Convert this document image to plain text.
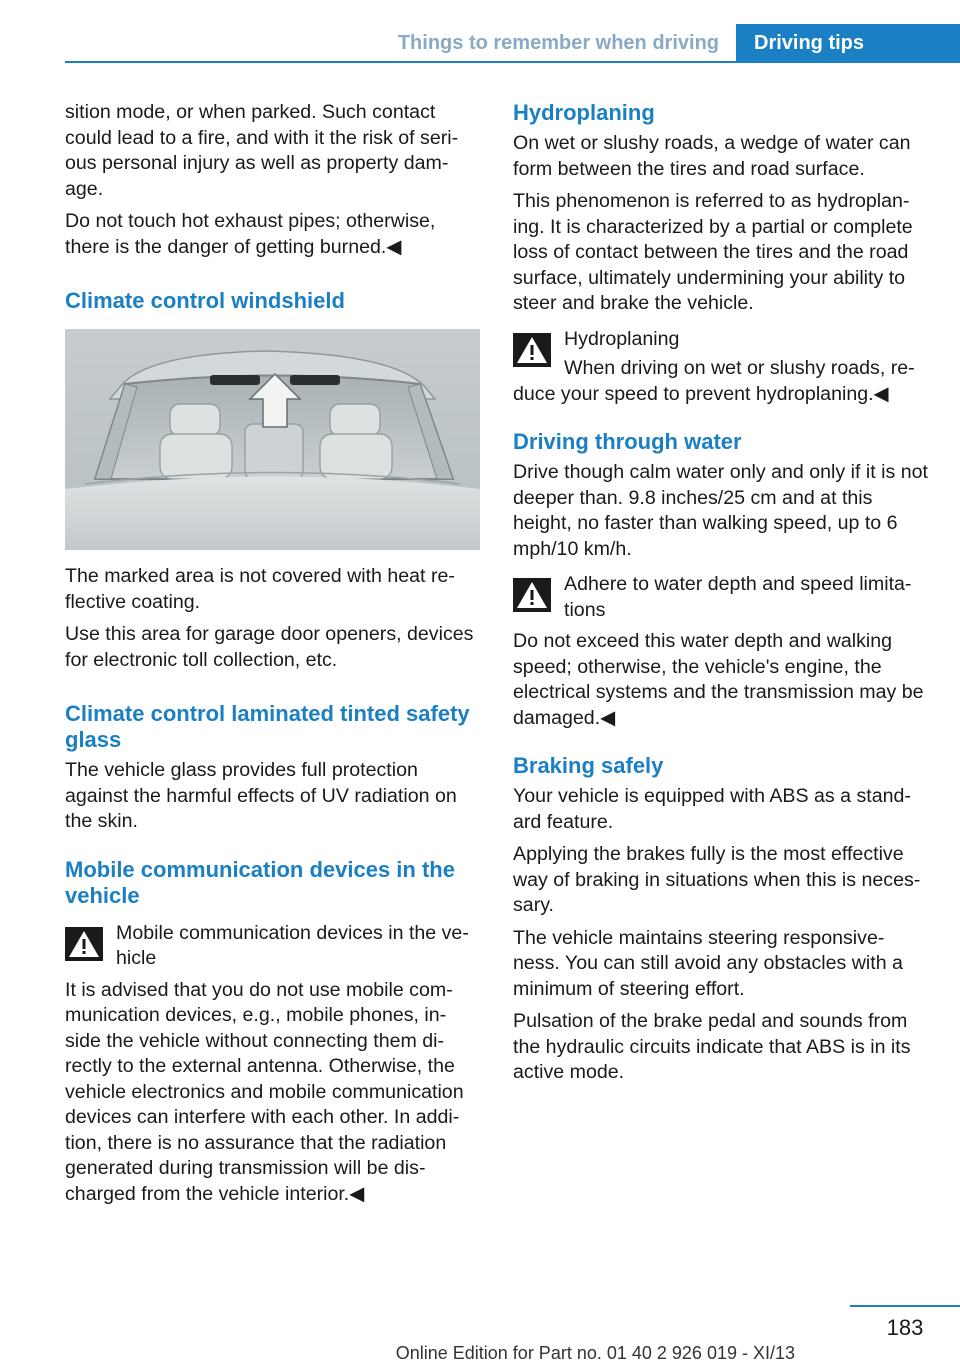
Things to remember when driving	Driving tips

sition mode, or when parked. Such contact could lead to a fire, and with it the risk of seri‐ous personal injury as well as property dam‐age.

Do not touch hot exhaust pipes; otherwise, there is the danger of getting burned.◀

Climate control windshield

The marked area is not covered with heat re‐flective coating.

Use this area for garage door openers, devices for electronic toll collection, etc.

Climate control laminated tinted safety glass

The vehicle glass provides full protection against the harmful effects of UV radiation on the skin.

Mobile communication devices in the vehicle
Mobile communication devices in the ve‐hicle

It is advised that you do not use mobile com‐munication devices, e.g., mobile phones, in‐side the vehicle without connecting them di‐rectly to the external antenna. Otherwise, the vehicle electronics and mobile communication devices can interfere with each other. In addi‐tion, there is no assurance that the radiation generated during transmission will be dis‐charged from the vehicle interior.◀

Hydroplaning

On wet or slushy roads, a wedge of water can form between the tires and road surface.

This phenomenon is referred to as hydroplan‐ing. It is characterized by a partial or complete loss of contact between the tires and the road surface, ultimately undermining your ability to steer and brake the vehicle.

Hydroplaning

When driving on wet or slushy roads, re‐duce your speed to prevent hydroplaning.◀

Driving through water

Drive though calm water only and only if it is not deeper than. 9.8 inches/25 cm and at this height, no faster than walking speed, up to 6 mph/10 km/h.

Adhere to water depth and speed limita‐tions

Do not exceed this water depth and walking speed; otherwise, the vehicle's engine, the electrical systems and the transmission may be damaged.◀

Braking safely

Your vehicle is equipped with ABS as a stand‐ard feature.

Applying the brakes fully is the most effective way of braking in situations when this is neces‐sary.

The vehicle maintains steering responsive‐ness. You can still avoid any obstacles with a minimum of steering effort.

Pulsation of the brake pedal and sounds from the hydraulic circuits indicate that ABS is in its active mode.

183
Online Edition for Part no. 01 40 2 926 019 - XI/13
